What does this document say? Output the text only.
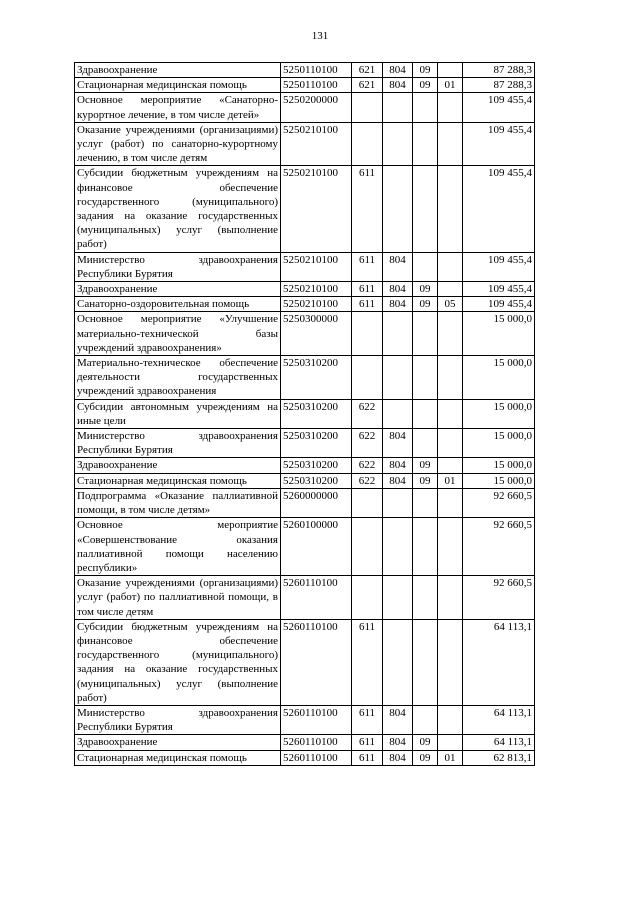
131
Здравоохранение	5250110100	621	804	09		87 288,3
Стационарная медицинская помощь	5250110100	621	804	09	01	87 288,3
Основное мероприятие «Санаторно-курортное лечение, в том числе детей»	5250200000					109 455,4
Оказание учреждениями (организациями) услуг (работ) по санаторно-курортному лечению, в том числе детям	5250210100					109 455,4
Субсидии бюджетным учреждениям на финансовое обеспечение государственного (муниципального) задания на оказание государственных (муниципальных) услуг (выполнение работ)	5250210100	611				109 455,4
Министерство здравоохранения Республики Бурятия	5250210100	611	804			109 455,4
Здравоохранение	5250210100	611	804	09		109 455,4
Санаторно-оздоровительная помощь	5250210100	611	804	09	05	109 455,4
Основное мероприятие «Улучшение материально-технической базы учреждений здравоохранения»	5250300000					15 000,0
Материально-техническое обеспечение деятельности государственных учреждений здравоохранения	5250310200					15 000,0
Субсидии автономным учреждениям на иные цели	5250310200	622				15 000,0
Министерство здравоохранения Республики Бурятия	5250310200	622	804			15 000,0
Здравоохранение	5250310200	622	804	09		15 000,0
Стационарная медицинская помощь	5250310200	622	804	09	01	15 000,0
Подпрограмма «Оказание паллиативной помощи, в том числе детям»	5260000000					92 660,5
Основное мероприятие «Совершенствование оказания паллиативной помощи населению республики»	5260100000					92 660,5
Оказание учреждениями (организациями) услуг (работ) по паллиативной помощи, в том числе детям	5260110100					92 660,5
Субсидии бюджетным учреждениям на финансовое обеспечение государственного (муниципального) задания на оказание государственных (муниципальных) услуг (выполнение работ)	5260110100	611				64 113,1
Министерство здравоохранения Республики Бурятия	5260110100	611	804			64 113,1
Здравоохранение	5260110100	611	804	09		64 113,1
Стационарная медицинская помощь	5260110100	611	804	09	01	62 813,1
